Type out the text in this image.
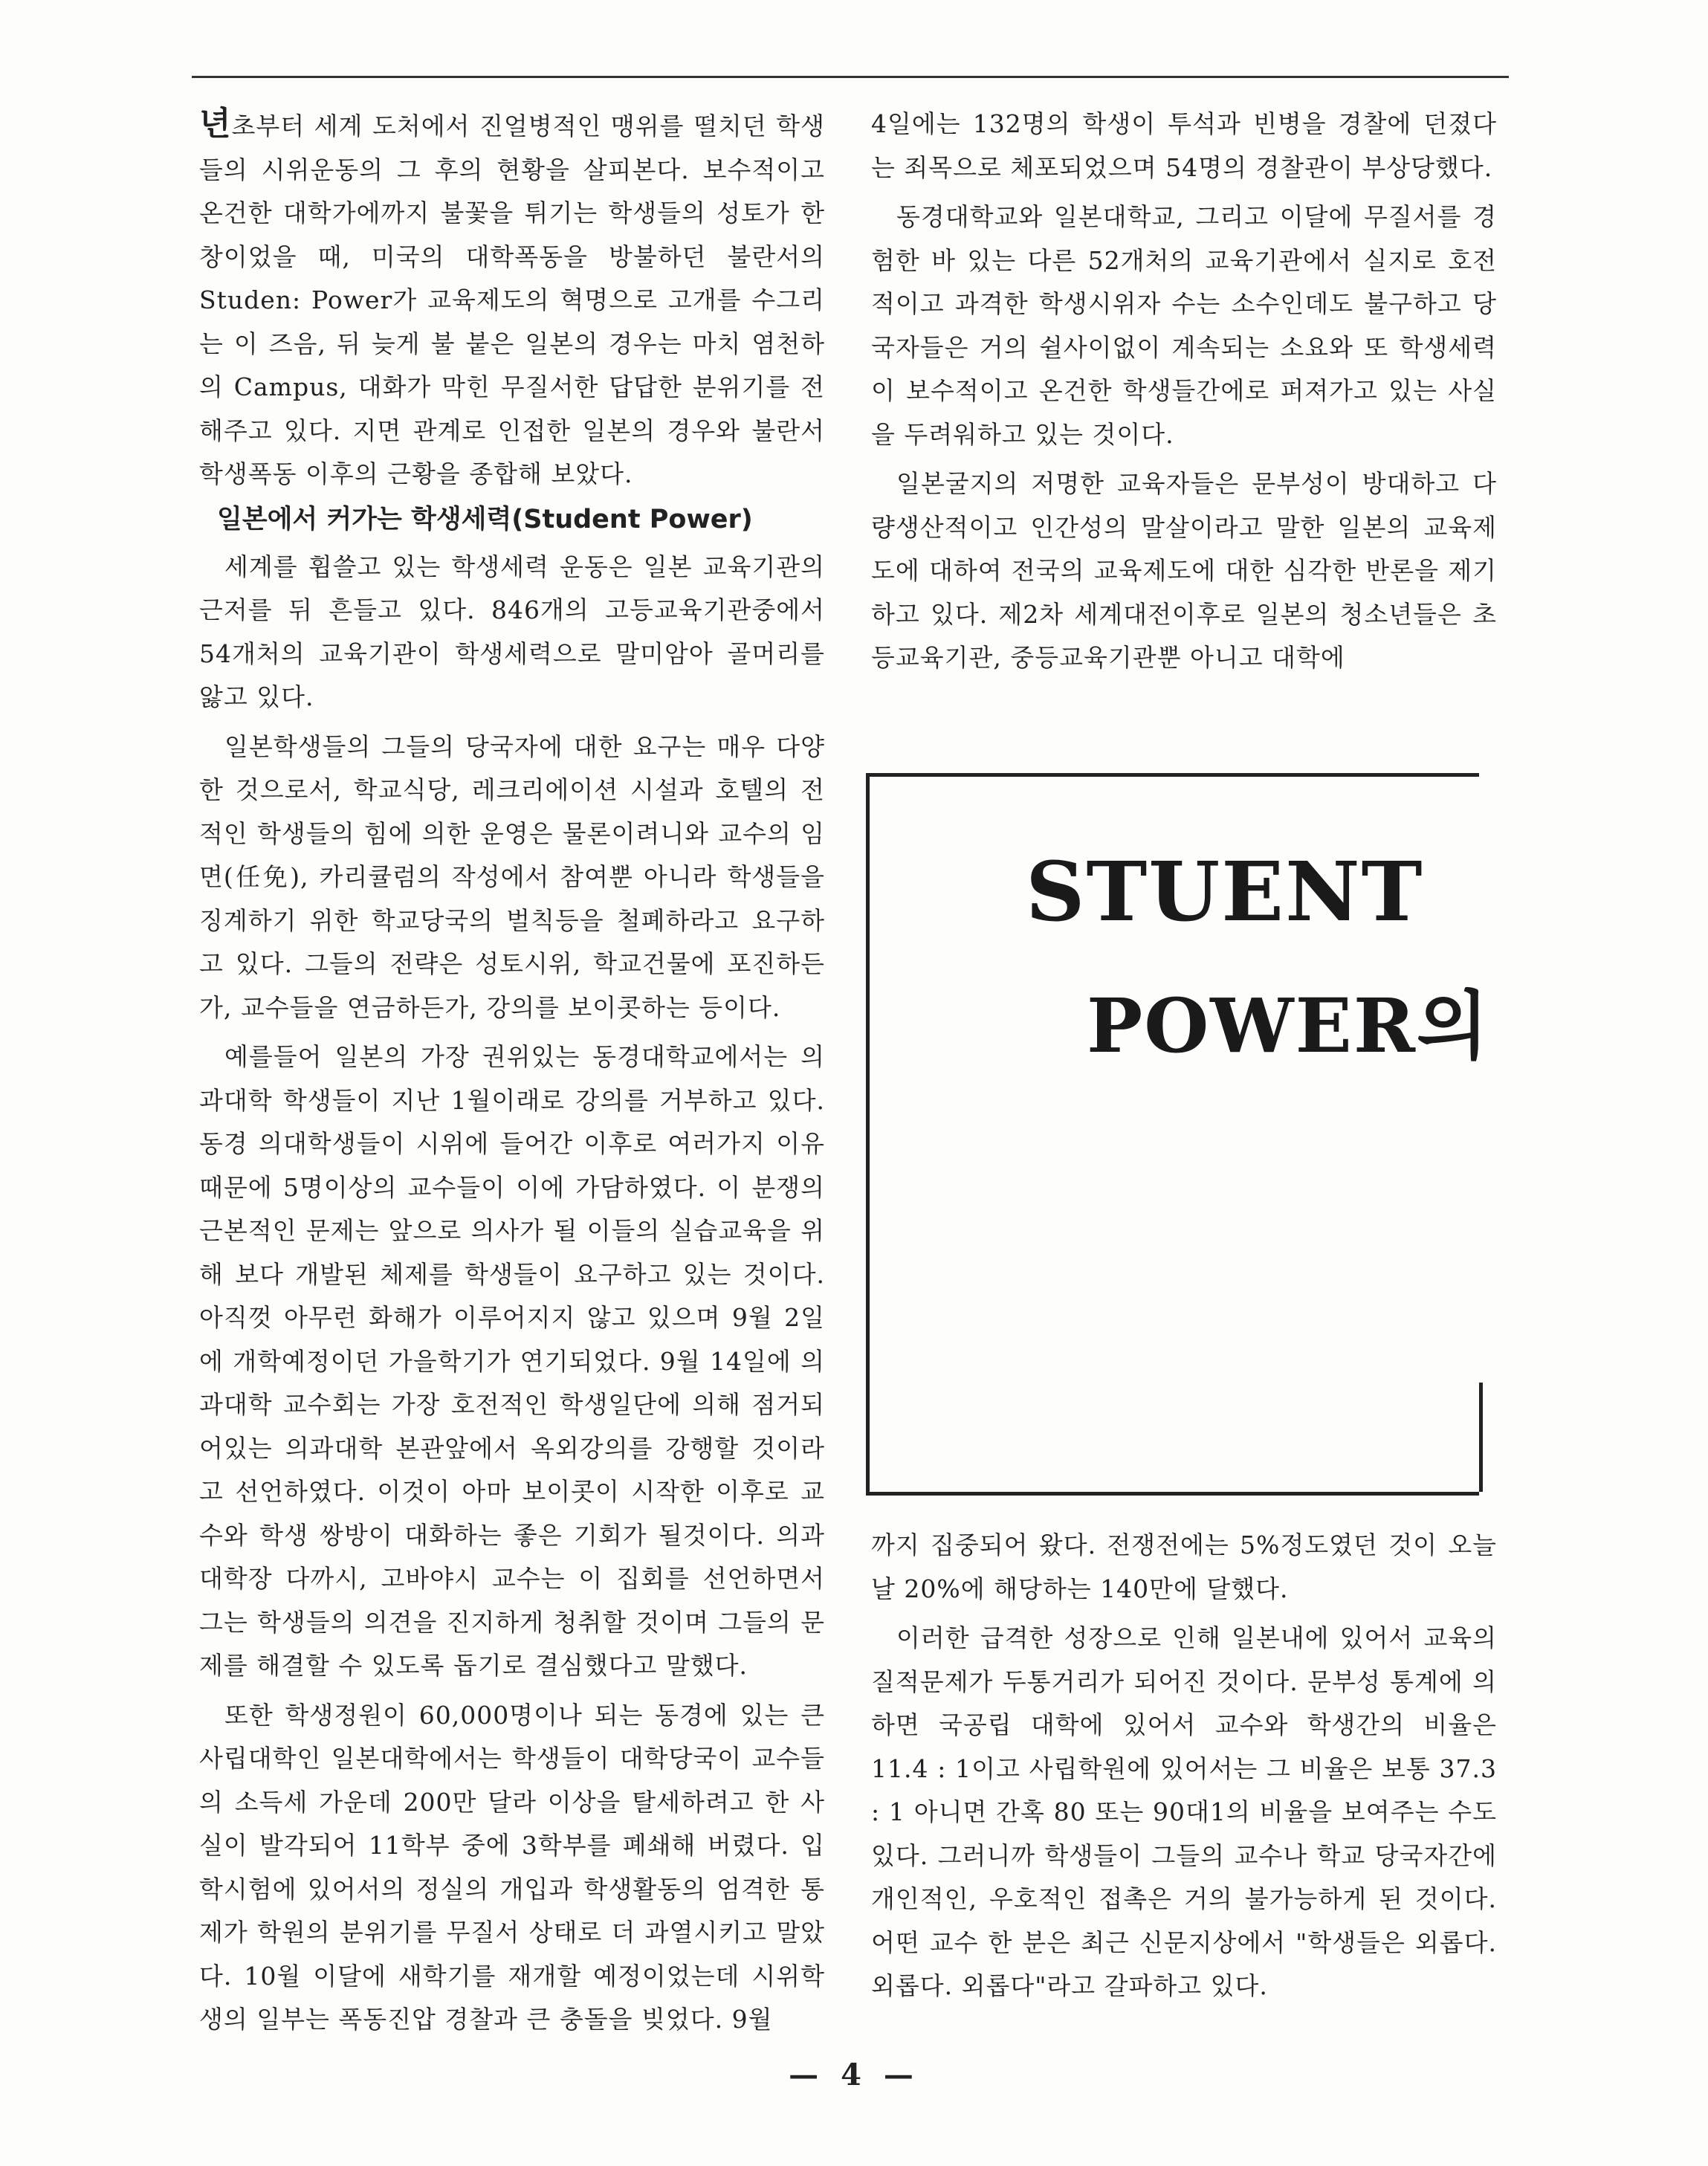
년초부터 세계 도처에서 진얼병적인 맹위를 떨치던 학생들의 시위운동의 그 후의 현황을 살피본다. 보수적이고 온건한 대학가에까지 불꽃을 튀기는 학생들의 성토가 한창이었을 때, 미국의 대학폭동을 방불하던 불란서의 Studen: Power가 교육제도의 혁명으로 고개를 수그리는 이 즈음, 뒤 늦게 불 붙은 일본의 경우는 마치 염천하의 Campus, 대화가 막힌 무질서한 답답한 분위기를 전해주고 있다. 지면 관계로 인접한 일본의 경우와 불란서 학생폭동 이후의 근황을 종합해 보았다.

일본에서 커가는 학생세력(Student Power)

세계를 휩쓸고 있는 학생세력 운동은 일본 교육기관의 근저를 뒤 흔들고 있다. 846개의 고등교육기관중에서 54개처의 교육기관이 학생세력으로 말미암아 골머리를 앓고 있다.

일본학생들의 그들의 당국자에 대한 요구는 매우 다양한 것으로서, 학교식당, 레크리에이션 시설과 호텔의 전적인 학생들의 힘에 의한 운영은 물론이려니와 교수의 임면(任免), 카리큘럼의 작성에서 참여뿐 아니라 학생들을 징계하기 위한 학교당국의 벌칙등을 철폐하라고 요구하고 있다. 그들의 전략은 성토시위, 학교건물에 포진하든가, 교수들을 연금하든가, 강의를 보이콧하는 등이다.

예를들어 일본의 가장 권위있는 동경대학교에서는 의과대학 학생들이 지난 1월이래로 강의를 거부하고 있다. 동경 의대학생들이 시위에 들어간 이후로 여러가지 이유때문에 5명이상의 교수들이 이에 가담하였다. 이 분쟁의 근본적인 문제는 앞으로 의사가 될 이들의 실습교육을 위해 보다 개발된 체제를 학생들이 요구하고 있는 것이다. 아직껏 아무런 화해가 이루어지지 않고 있으며 9월 2일에 개학예정이던 가을학기가 연기되었다. 9월 14일에 의과대학 교수회는 가장 호전적인 학생일단에 의해 점거되어있는 의과대학 본관앞에서 옥외강의를 강행할 것이라고 선언하였다. 이것이 아마 보이콧이 시작한 이후로 교수와 학생 쌍방이 대화하는 좋은 기회가 될것이다. 의과대학장 다까시, 고바야시 교수는 이 집회를 선언하면서 그는 학생들의 의견을 진지하게 청취할 것이며 그들의 문제를 해결할 수 있도록 돕기로 결심했다고 말했다.

또한 학생정원이 60,000명이나 되는 동경에 있는 큰 사립대학인 일본대학에서는 학생들이 대학당국이 교수들의 소득세 가운데 200만 달라 이상을 탈세하려고 한 사실이 발각되어 11학부 중에 3학부를 폐쇄해 버렸다. 입학시험에 있어서의 정실의 개입과 학생활동의 엄격한 통제가 학원의 분위기를 무질서 상태로 더 과열시키고 말았다. 10월 이달에 새학기를 재개할 예정이었는데 시위학생의 일부는 폭동진압 경찰과 큰 충돌을 빚었다. 9월

4일에는 132명의 학생이 투석과 빈병을 경찰에 던졌다는 죄목으로 체포되었으며 54명의 경찰관이 부상당했다.

동경대학교와 일본대학교, 그리고 이달에 무질서를 경험한 바 있는 다른 52개처의 교육기관에서 실지로 호전적이고 과격한 학생시위자 수는 소수인데도 불구하고 당국자들은 거의 쉴사이없이 계속되는 소요와 또 학생세력이 보수적이고 온건한 학생들간에로 퍼져가고 있는 사실을 두려워하고 있는 것이다.

일본굴지의 저명한 교육자들은 문부성이 방대하고 다량생산적이고 인간성의 말살이라고 말한 일본의 교육제도에 대하여 전국의 교육제도에 대한 심각한 반론을 제기하고 있다. 제2차 세계대전이후로 일본의 청소년들은 초등교육기관, 중등교육기관뿐 아니고 대학에

STUENT
POWER의

까지 집중되어 왔다. 전쟁전에는 5%정도였던 것이 오늘날 20%에 해당하는 140만에 달했다.

이러한 급격한 성장으로 인해 일본내에 있어서 교육의 질적문제가 두통거리가 되어진 것이다. 문부성 통계에 의하면 국공립 대학에 있어서 교수와 학생간의 비율은 11.4 : 1이고 사립학원에 있어서는 그 비율은 보통 37.3 : 1 아니면 간혹 80 또는 90대1의 비율을 보여주는 수도 있다. 그러니까 학생들이 그들의 교수나 학교 당국자간에 개인적인, 우호적인 접촉은 거의 불가능하게 된 것이다. 어떤 교수 한 분은 최근 신문지상에서 "학생들은 외롭다. 외롭다. 외롭다"라고 갈파하고 있다.

— 4 —
